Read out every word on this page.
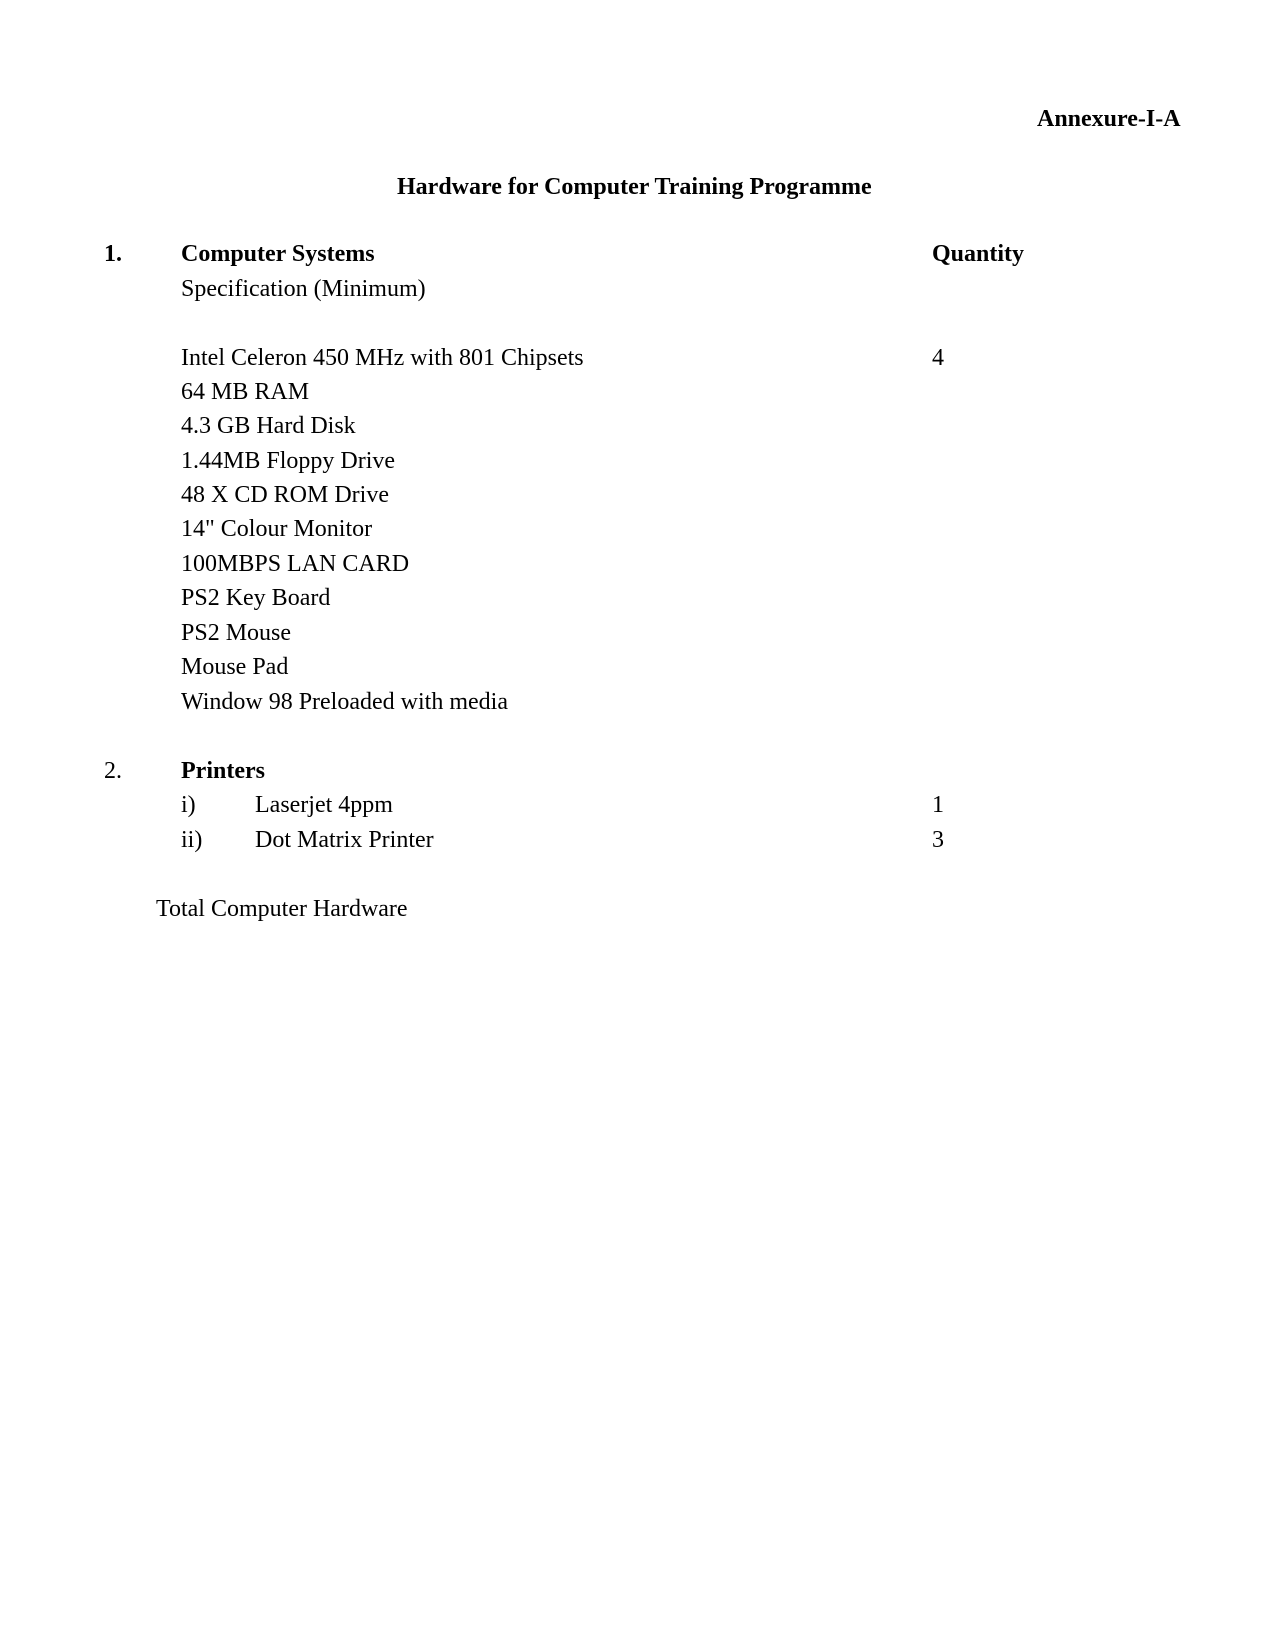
Annexure-I-A
Hardware for Computer Training Programme
1. Computer Systems	Quantity
Specification (Minimum)
Intel Celeron 450 MHz with 801 Chipsets	4
64 MB RAM
4.3 GB Hard Disk
1.44MB Floppy Drive
48 X CD ROM Drive
14" Colour Monitor
100MBPS LAN CARD
PS2 Key Board
PS2 Mouse
Mouse Pad
Window 98 Preloaded with media
2. Printers
i) Laserjet 4ppm	1
ii) Dot Matrix Printer	3
Total Computer Hardware
